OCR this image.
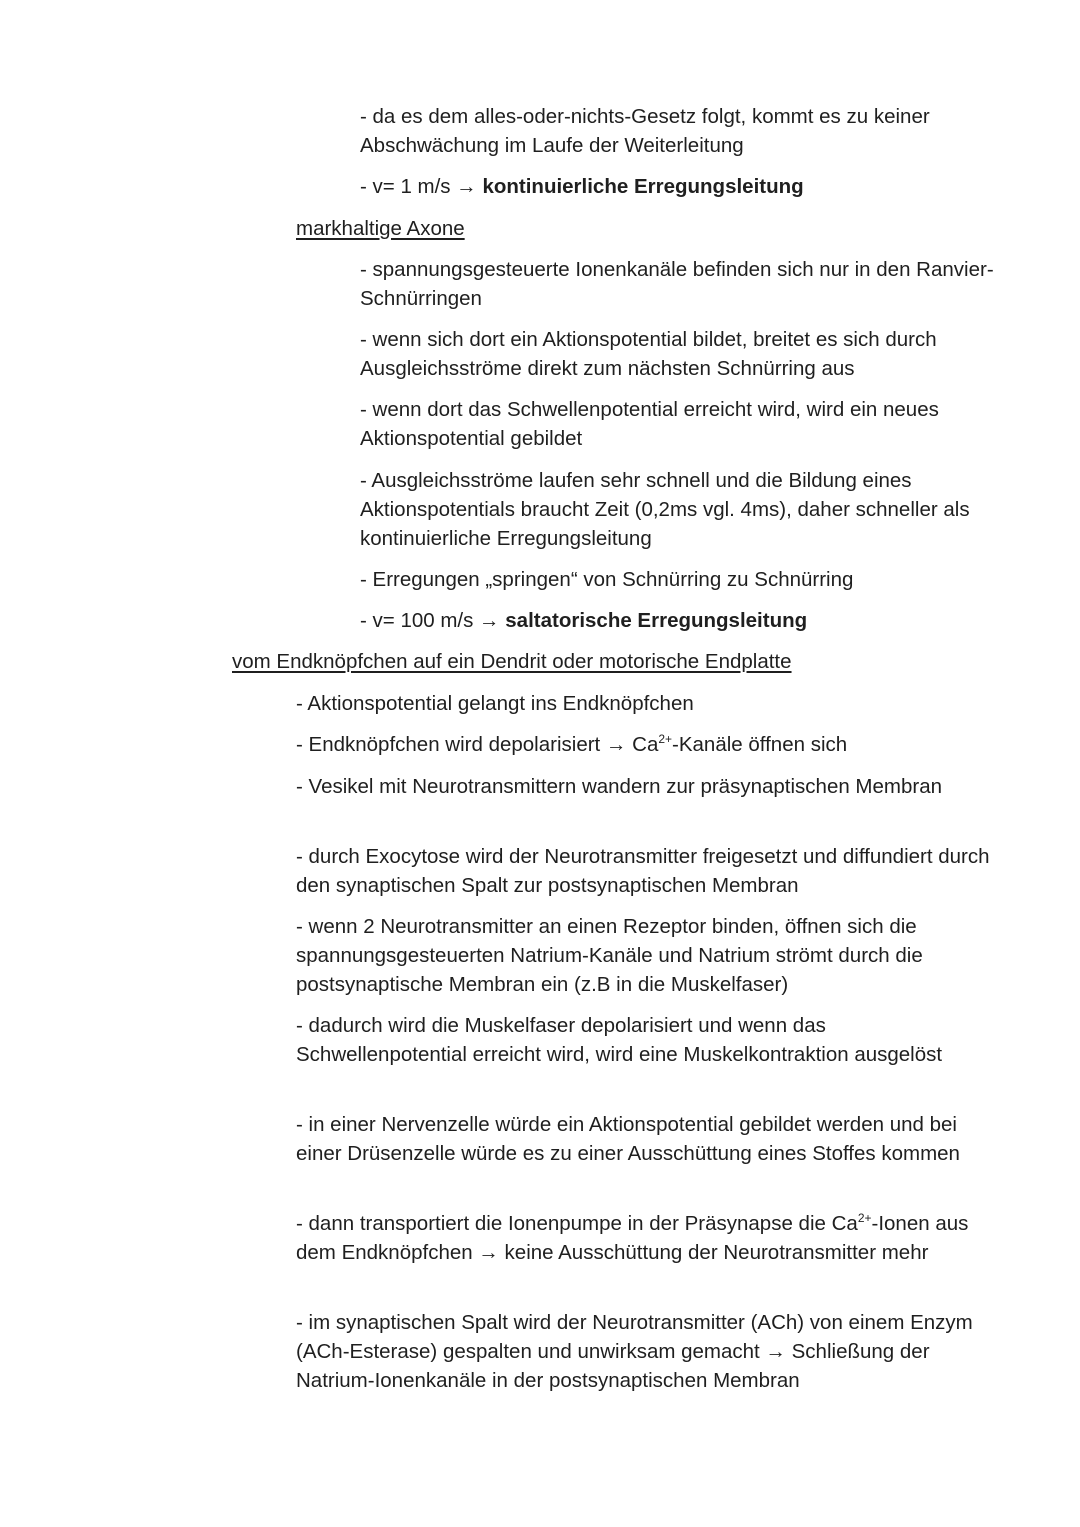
- da es dem alles-oder-nichts-Gesetz folgt, kommt es zu keiner Abschwächung im Laufe der Weiterleitung

- v= 1 m/s → kontinuierliche Erregungsleitung

markhaltige Axone

- spannungsgesteuerte Ionenkanäle befinden sich nur in den Ranvier-Schnürringen

- wenn sich dort ein Aktionspotential bildet, breitet es sich durch Ausgleichsströme direkt zum nächsten Schnürring aus

- wenn dort das Schwellenpotential erreicht wird, wird ein neues Aktionspotential gebildet

- Ausgleichsströme laufen sehr schnell und die Bildung eines Aktionspotentials braucht Zeit (0,2ms vgl. 4ms), daher schneller als kontinuierliche Erregungsleitung

- Erregungen „springen“ von Schnürring zu Schnürring

- v= 100 m/s → saltatorische Erregungsleitung

vom Endknöpfchen auf ein Dendrit oder motorische Endplatte

- Aktionspotential gelangt ins Endknöpfchen

- Endknöpfchen wird depolarisiert → $Ca^{2+}$-Kanäle öffnen sich

- Vesikel mit Neurotransmittern wandern zur präsynaptischen Membran

- durch Exocytose wird der Neurotransmitter freigesetzt und diffundiert durch den synaptischen Spalt zur postsynaptischen Membran

- wenn 2 Neurotransmitter an einen Rezeptor binden, öffnen sich die spannungsgesteuerten Natrium-Kanäle und Natrium strömt durch die postsynaptische Membran ein (z.B in die Muskelfaser)

- dadurch wird die Muskelfaser depolarisiert und wenn das Schwellenpotential erreicht wird, wird eine Muskelkontraktion ausgelöst

- in einer Nervenzelle würde ein Aktionspotential gebildet werden und bei einer Drüsenzelle würde es zu einer Ausschüttung eines Stoffes kommen

- dann transportiert die Ionenpumpe in der Präsynapse die $Ca^{2+}$-Ionen aus dem Endknöpfchen → keine Ausschüttung der Neurotransmitter mehr

- im synaptischen Spalt wird der Neurotransmitter (ACh) von einem Enzym (ACh-Esterase) gespalten und unwirksam gemacht → Schließung der Natrium-Ionenkanäle in der postsynaptischen Membran
